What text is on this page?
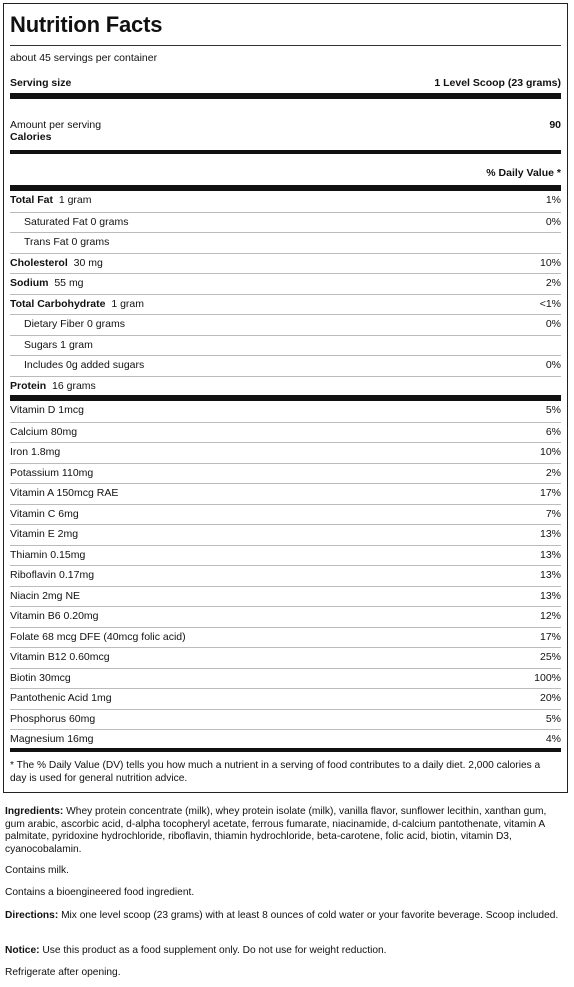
Nutrition Facts
about 45 servings per container
Serving size	1 Level Scoop (23 grams)
Amount per serving
Calories
90
% Daily Value *
Total Fat 1 gram	1%
Saturated Fat 0 grams	0%
Trans Fat 0 grams
Cholesterol 30 mg	10%
Sodium 55 mg	2%
Total Carbohydrate 1 gram	<1%
Dietary Fiber 0 grams	0%
Sugars 1 gram
Includes 0g added sugars	0%
Protein 16 grams
Vitamin D 1mcg	5%
Calcium 80mg	6%
Iron 1.8mg	10%
Potassium 110mg	2%
Vitamin A 150mcg RAE	17%
Vitamin C 6mg	7%
Vitamin E 2mg	13%
Thiamin 0.15mg	13%
Riboflavin 0.17mg	13%
Niacin 2mg NE	13%
Vitamin B6 0.20mg	12%
Folate 68 mcg DFE (40mcg folic acid)	17%
Vitamin B12 0.60mcg	25%
Biotin 30mcg	100%
Pantothenic Acid 1mg	20%
Phosphorus 60mg	5%
Magnesium 16mg	4%
* The % Daily Value (DV) tells you how much a nutrient in a serving of food contributes to a daily diet. 2,000 calories a day is used for general nutrition advice.
Ingredients: Whey protein concentrate (milk), whey protein isolate (milk), vanilla flavor, sunflower lecithin, xanthan gum, gum arabic, ascorbic acid, d-alpha tocopheryl acetate, ferrous fumarate, niacinamide, d-calcium pantothenate, vitamin A palmitate, pyridoxine hydrochloride, riboflavin, thiamin hydrochloride, beta-carotene, folic acid, biotin, vitamin D3, cyanocobalamin.
Contains milk.
Contains a bioengineered food ingredient.
Directions: Mix one level scoop (23 grams) with at least 8 ounces of cold water or your favorite beverage. Scoop included.
Notice: Use this product as a food supplement only. Do not use for weight reduction.
Refrigerate after opening.
